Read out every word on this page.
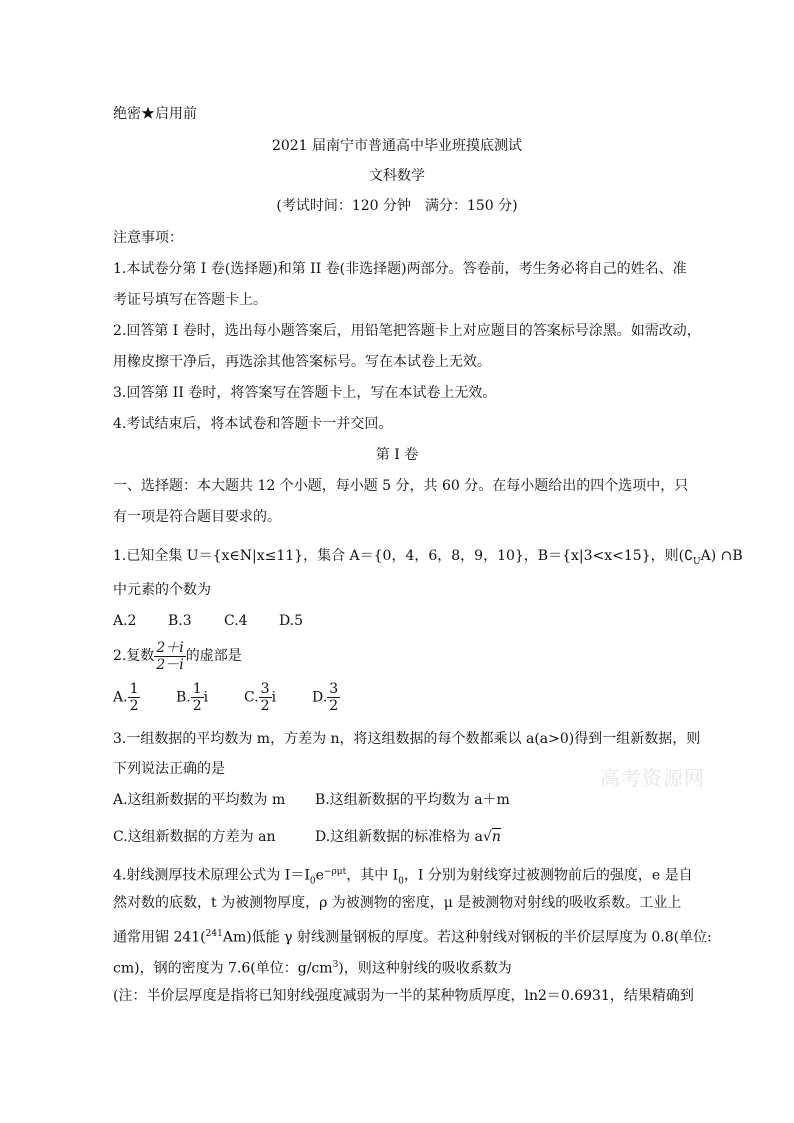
绝密★启用前
2021 届南宁市普通高中毕业班摸底测试
文科数学
(考试时间：120 分钟　满分：150 分)
注意事项：
1.本试卷分第 I 卷(选择题)和第 II 卷(非选择题)两部分。答卷前，考生务必将自己的姓名、准
考证号填写在答题卡上。
2.回答第 I 卷时，选出每小题答案后，用铅笔把答题卡上对应题目的答案标号涂黑。如需改动，
用橡皮擦干净后，再选涂其他答案标号。写在本试卷上无效。
3.回答第 II 卷时，将答案写在答题卡上，写在本试卷上无效。
4.考试结束后，将本试卷和答题卡一并交回。
第 I 卷
一、选择题：本大题共 12 个小题，每小题 5 分，共 60 分。在每小题给出的四个选项中，只
有一项是符合题目要求的。
1.已知全集 U＝{x∈N|x≤11}，集合 A＝{0，4，6，8，9，10}，B＝{x|3<x<15}，则$(∁_UA)$ ∩B
中元素的个数为
A.2 B.3 C.4 D.5
2.复数 $\frac{2+i}{2-i}$ 的虚部是
A. $\frac{1}{2}$	B. $\frac{1}{2}$ i	C. $\frac{3}{2}$ i	D. $\frac{3}{2}$
3.一组数据的平均数为 m，方差为 n，将这组数据的每个数都乘以 a(a>0)得到一组新数据，则
下列说法正确的是
A.这组新数据的平均数为 m B.这组新数据的平均数为 a＋m
C.这组新数据的方差为 an	D.这组新数据的标准格为 a√n
4.射线测厚技术原理公式为 $I=I_0e^{-\rho\mu t}$，其中 $I_0$，I 分别为射线穿过被测物前后的强度，e 是自
然对数的底数，t 为被测物厚度，ρ 为被测物的密度，μ 是被测物对射线的吸收系数。工业上
通常用镅 241($^{241}$Am)低能 γ 射线测量钢板的厚度。若这种射线对钢板的半价层厚度为 0.8(单位:
cm)，钢的密度为 7.6(单位：$g/cm^3$)，则这种射线的吸收系数为
(注：半价层厚度是指将已知射线强度减弱为一半的某种物质厚度，ln2＝0.6931，结果精确到
高考资源网
